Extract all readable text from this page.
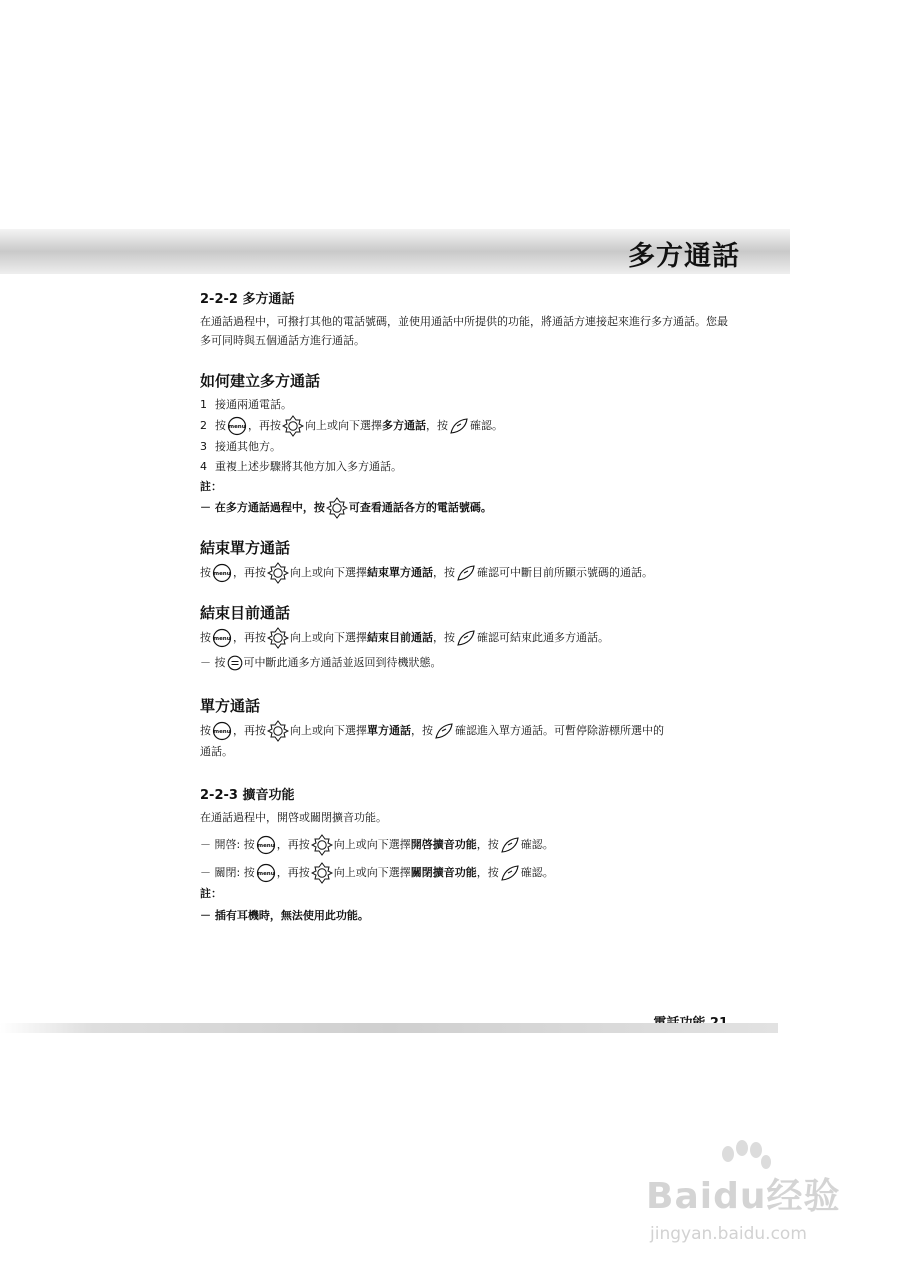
多方通話

2-2-2 多方通話

在通話過程中，可撥打其他的電話號碼，並使用通話中所提供的功能，將通話方連接起來進行多方通話。您最多可同時與五個通話方進行通話。

如何建立多方通話

1 接通兩通電話。

2 按 ，再按 向上或向下選擇多方通話，按 確認。

3 接通其他方。

4 重複上述步驟將其他方加入多方通話。

註：

－ 在多方通話過程中，按 可查看通話各方的電話號碼。

結束單方通話

按 ，再按 向上或向下選擇結束單方通話，按 確認可中斷目前所顯示號碼的通話。

結束目前通話

按 ，再按 向上或向下選擇結束目前通話，按 確認可結束此通多方通話。

－ 按 可中斷此通多方通話並返回到待機狀態。

單方通話

按 ，再按 向上或向下選擇單方通話，按 確認進入單方通話。可暫停除游標所選中的

通話。

2-2-3 擴音功能

在通話過程中，開啓或關閉擴音功能。

－ 開啓: 按 ，再按 向上或向下選擇開啓擴音功能，按 確認。

－ 關閉: 按 ，再按 向上或向下選擇關閉擴音功能，按 確認。

註：

－ 插有耳機時，無法使用此功能。

Baidu经验
jingyan.baidu.com
